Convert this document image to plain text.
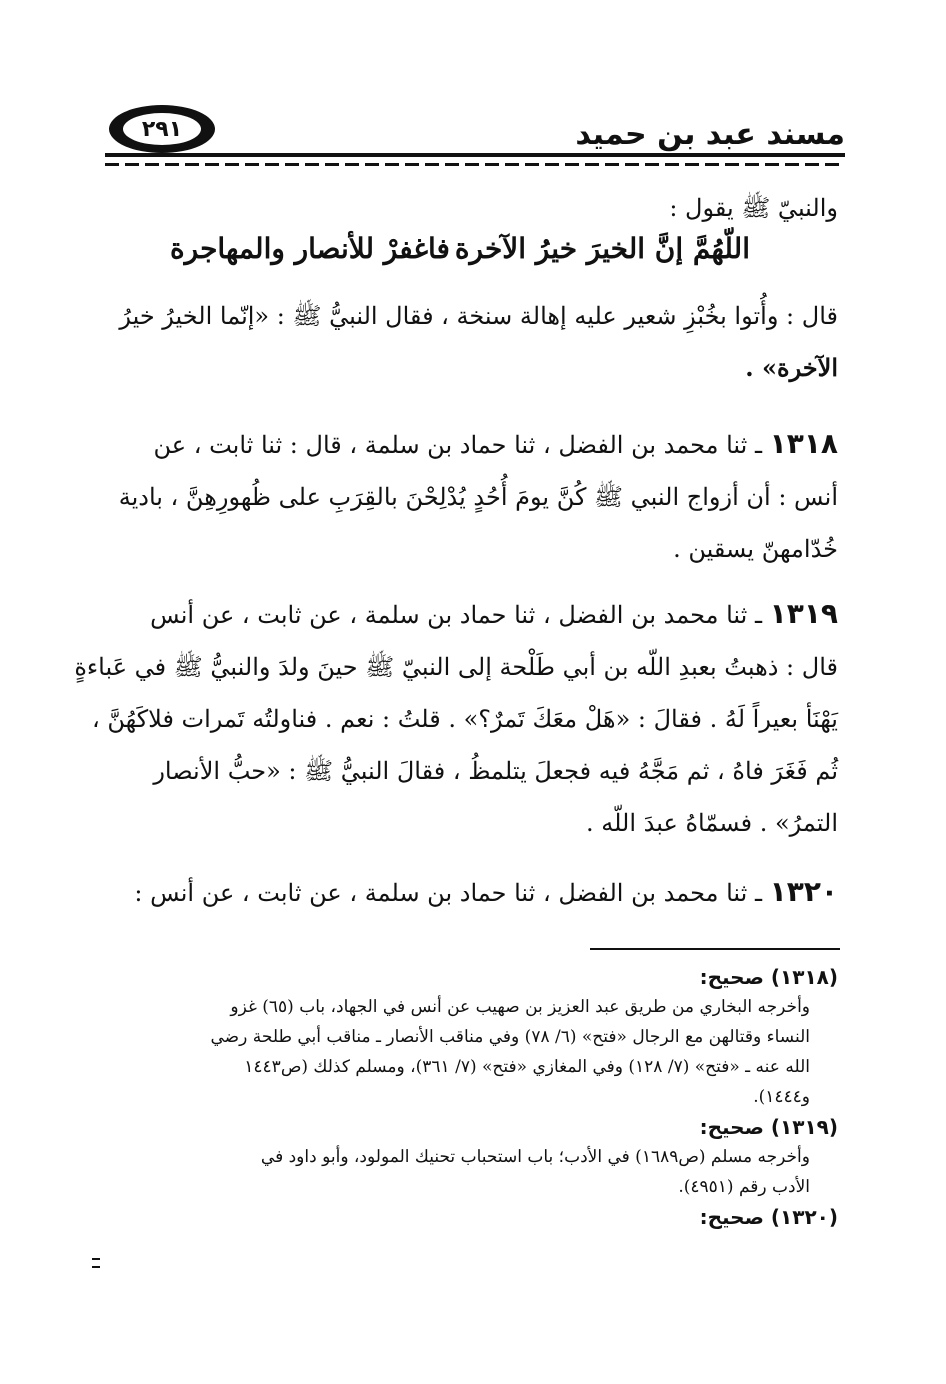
٢٩١	مسند عبد بن حميد
والنبيّ ﷺ يقول :
اللّهُمَّ إنَّ الخيرَ خيرُ الآخرة
فاغفرْ للأنصار والمهاجرة
قال : وأُتوا بخُبْزِ شعير عليه إهالة سنخة ، فقال النبيُّ ﷺ : «إنّما الخيرُ خيرُ
الآخرة» .
١٣١٨ ـ ثنا محمد بن الفضل ، ثنا حماد بن سلمة ، قال : ثنا ثابت ، عن
أنس : أن أزواج النبي ﷺ كُنَّ يومَ أُحُدٍ يُدْلِحْنَ بالقِرَبِ على ظُهورِهِنَّ ، بادية
خُدّامهنّ يسقين .
١٣١٩ ـ ثنا محمد بن الفضل ، ثنا حماد بن سلمة ، عن ثابت ، عن أنس
قال : ذهبتُ بعبدِ اللّه بن أبي طَلْحة إلى النبيّ ﷺ حينَ ولدَ والنبيُّ ﷺ في عَباءةٍ
يَهْنَأ بعيراً لَهُ . فقالَ : «هَلْ معَكَ تَمرٌ؟» . قلتُ : نعم . فناولتُه تَمرات فلاكَهُنَّ ،
ثُم فَغَرَ فاهُ ، ثم مَجَّهُ فيه فجعلَ يتلمظُ ، فقالَ النبيُّ ﷺ : «حبُّ الأنصار
التمرُ» . فسمّاهُ عبدَ اللّه .
١٣٢٠ ـ ثنا محمد بن الفضل ، ثنا حماد بن سلمة ، عن ثابت ، عن أنس :
(١٣١٨) صحيح:
وأخرجه البخاري من طريق عبد العزيز بن صهيب عن أنس في الجهاد، باب (٦٥) غزو
النساء وقتالهن مع الرجال «فتح» (٦/ ٧٨) وفي مناقب الأنصار ـ مناقب أبي طلحة رضي
الله عنه ـ «فتح» (٧/ ١٢٨) وفي المغازي «فتح» (٧/ ٣٦١)، ومسلم كذلك (ص١٤٤٣
و١٤٤٤).
(١٣١٩) صحيح:
وأخرجه مسلم (ص١٦٨٩) في الأدب؛ باب استحباب تحنيك المولود، وأبو داود في
الأدب رقم (٤٩٥١).
(١٣٢٠) صحيح:
